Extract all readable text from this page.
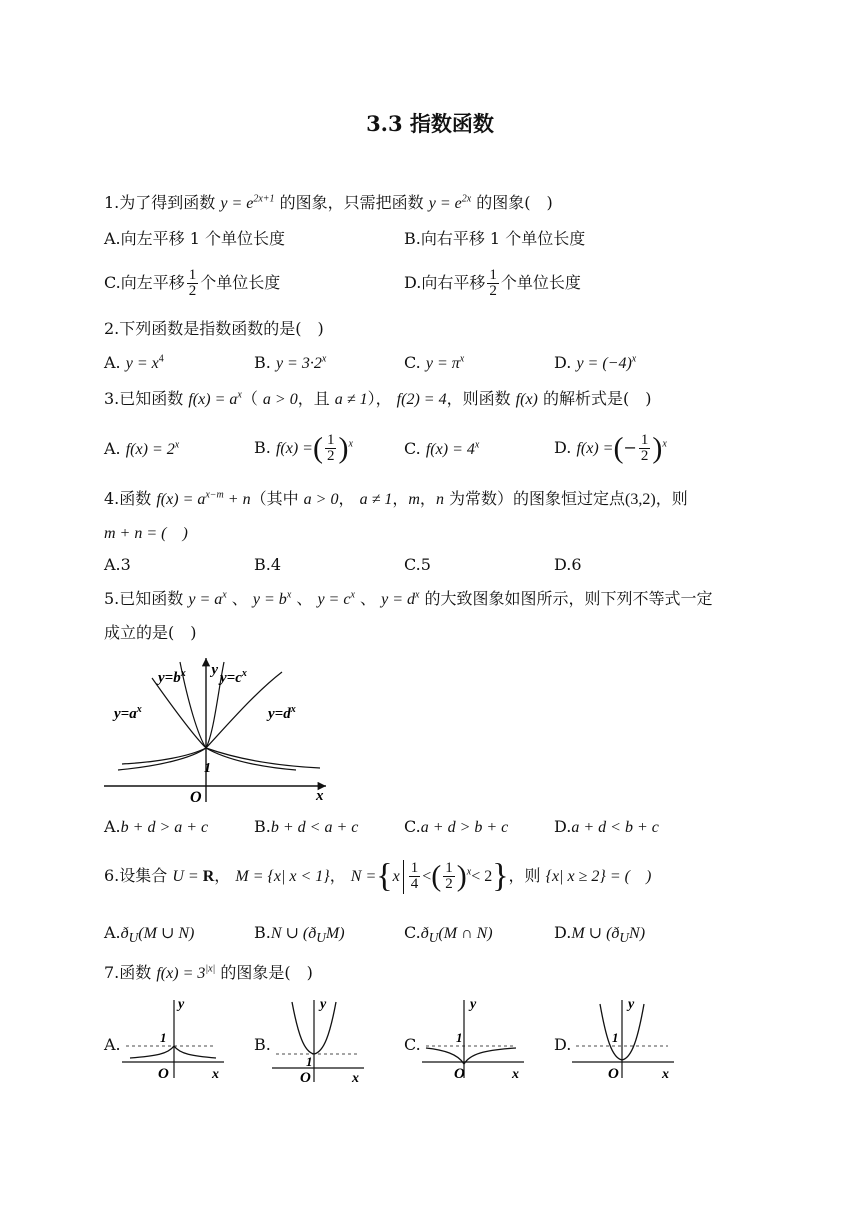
3.3 指数函数
1.为了得到函数 $y = e^{2x+1}$ 的图象，只需把函数 $y = e^{2x}$ 的图象(　)
A.向左平移 1 个单位长度	B.向右平移 1 个单位长度
C.向左平移 $\frac{1}{2}$ 个单位长度	D.向右平移 $\frac{1}{2}$ 个单位长度
2.下列函数是指数函数的是(　)
A. $y = x^4$	B. $y = 3\cdot 2^x$	C. $y = \pi^x$	D. $y = (-4)^x$
3.已知函数 $f(x) = a^x$（ a > 0，且 a ≠ 1）， f(2) = 4，则函数 f(x) 的解析式是(　)
A. $f(x) = 2^x$	B. f(x) =( $\frac{1}{2} )^x$	C. $f(x) = 4^x$	D. f(x) =(− $\frac{1}{2} )^x$
4.函数 $f(x) = a^{x-m} + n$（其中 a > 0， a ≠ 1，m，n 为常数）的图象恒过定点(3,2)，则
m + n = (　)
A.3	B.4	C.5	D.6
5.已知函数 $y = a^x$ 、 $y = b^x$ 、 $y = c^x$ 、 $y = d^x$ 的大致图象如图所示，则下列不等式一定
成立的是(　)
$y=b^x$ $y=c^x$
$y=a^x$	$y=d^x$
y
x
O
1
A.b + d > a + c	B.b + d < a + c	C.a + d > b + c	D.a + d < b + c
6.设集合 U = R， M = {x| x < 1}， $N =\{x \frac{1}{4}$ <( $\frac{1}{2} )^x< 2$}，则 {x| x ≥ 2} = (　)
$A.ð_U(M$ ∪ N)	B.N ∪ $(ð_UM)$	$C.ð_U(M$ ∩ N)	D.M ∪ $(ð_UN)$
7.函数 $f(x) = 3^{|x|}$ 的图象是(　)
A.
y
x
O
1	B.
y
x
O
1
C.
y
x
O
1	D.
y
x
O
1
